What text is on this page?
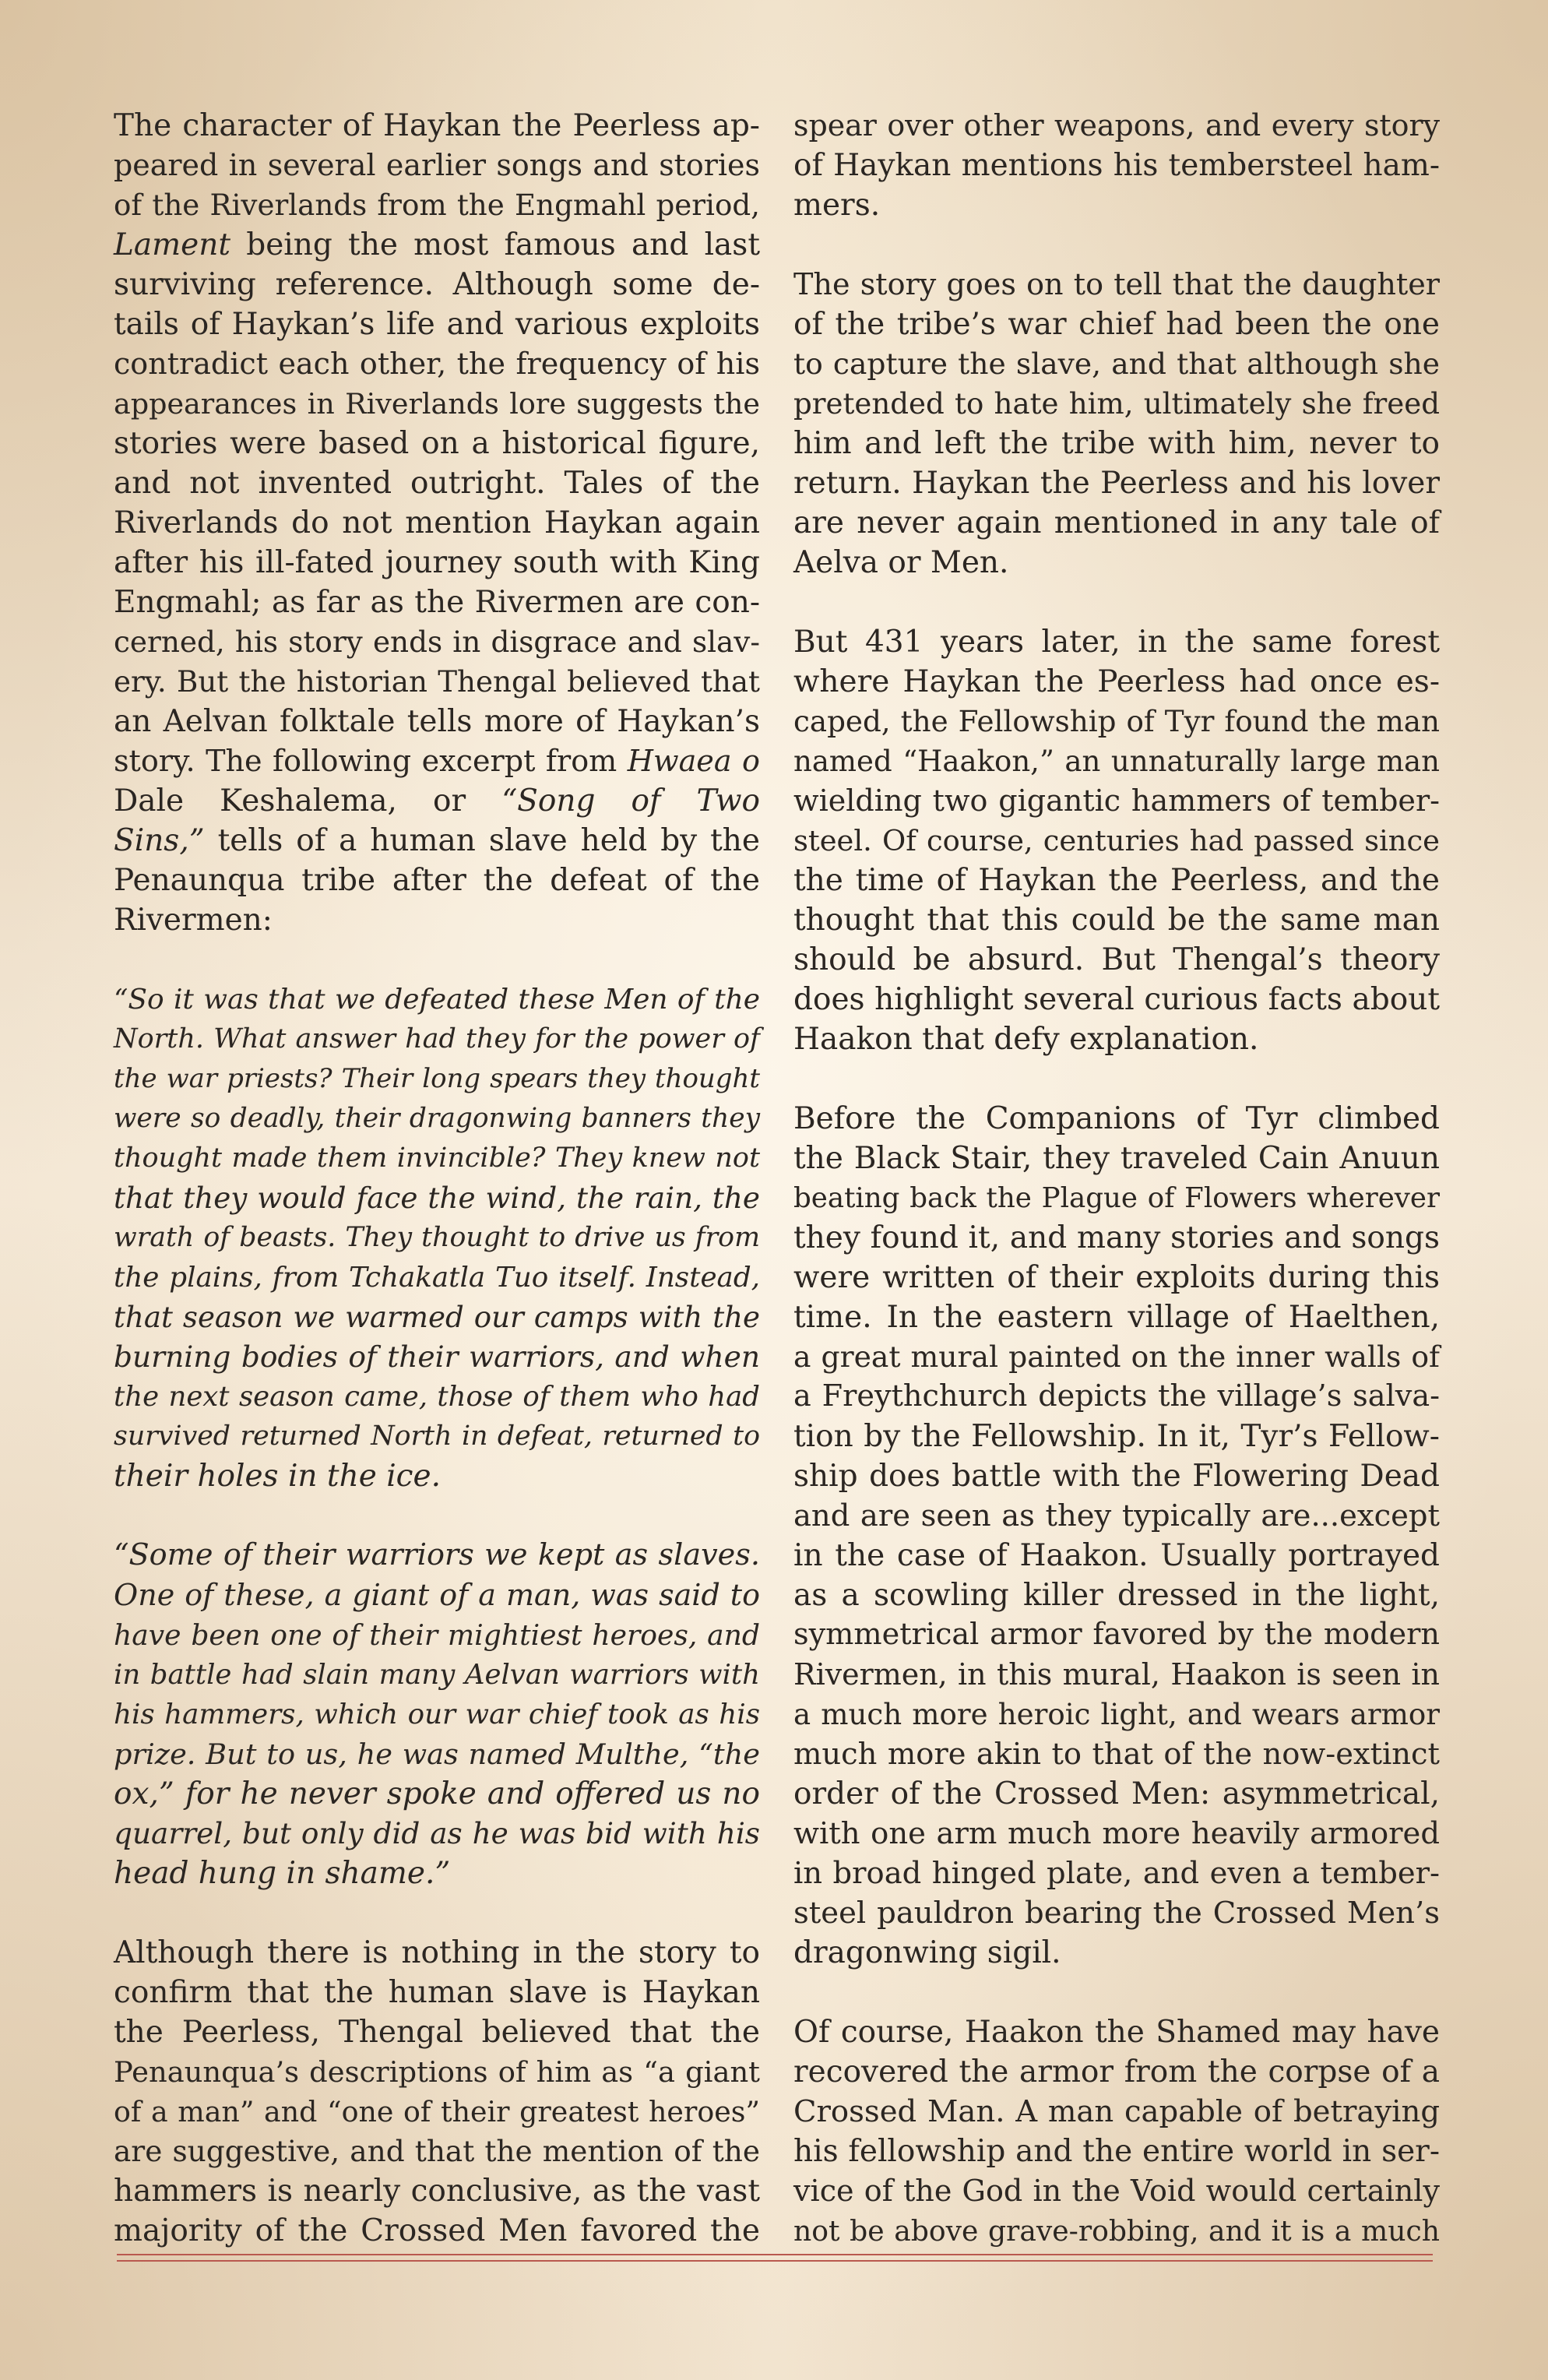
The character of Haykan the Peerless ap-
peared in several earlier songs and stories
of the Riverlands from the Engmahl period,
Lament being the most famous and last
surviving reference. Although some de-
tails of Haykan’s life and various exploits
contradict each other, the frequency of his
appearances in Riverlands lore suggests the
stories were based on a historical figure,
and not invented outright. Tales of the
Riverlands do not mention Haykan again
after his ill-fated journey south with King
Engmahl; as far as the Rivermen are con-
cerned, his story ends in disgrace and slav-
ery. But the historian Thengal believed that
an Aelvan folktale tells more of Haykan’s
story. The following excerpt from Hwaea o
Dale Keshalema, or “Song of Two
Sins,” tells of a human slave held by the
Penaunqua tribe after the defeat of the
Rivermen:
“So it was that we defeated these Men of the
North. What answer had they for the power of
the war priests? Their long spears they thought
were so deadly, their dragonwing banners they
thought made them invincible? They knew not
that they would face the wind, the rain, the
wrath of beasts. They thought to drive us from
the plains, from Tchakatla Tuo itself. Instead,
that season we warmed our camps with the
burning bodies of their warriors, and when
the next season came, those of them who had
survived returned North in defeat, returned to
their holes in the ice.
“Some of their warriors we kept as slaves.
One of these, a giant of a man, was said to
have been one of their mightiest heroes, and
in battle had slain many Aelvan warriors with
his hammers, which our war chief took as his
prize. But to us, he was named Multhe, “the
ox,” for he never spoke and offered us no
quarrel, but only did as he was bid with his
head hung in shame.”
Although there is nothing in the story to
confirm that the human slave is Haykan
the Peerless, Thengal believed that the
Penaunqua’s descriptions of him as “a giant
of a man” and “one of their greatest heroes”
are suggestive, and that the mention of the
hammers is nearly conclusive, as the vast
majority of the Crossed Men favored the
spear over other weapons, and every story
of Haykan mentions his tembersteel ham-
mers.
The story goes on to tell that the daughter
of the tribe’s war chief had been the one
to capture the slave, and that although she
pretended to hate him, ultimately she freed
him and left the tribe with him, never to
return. Haykan the Peerless and his lover
are never again mentioned in any tale of
Aelva or Men.
But 431 years later, in the same forest
where Haykan the Peerless had once es-
caped, the Fellowship of Tyr found the man
named “Haakon,” an unnaturally large man
wielding two gigantic hammers of tember-
steel. Of course, centuries had passed since
the time of Haykan the Peerless, and the
thought that this could be the same man
should be absurd. But Thengal’s theory
does highlight several curious facts about
Haakon that defy explanation.
Before the Companions of Tyr climbed
the Black Stair, they traveled Cain Anuun
beating back the Plague of Flowers wherever
they found it, and many stories and songs
were written of their exploits during this
time. In the eastern village of Haelthen,
a great mural painted on the inner walls of
a Freythchurch depicts the village’s salva-
tion by the Fellowship. In it, Tyr’s Fellow-
ship does battle with the Flowering Dead
and are seen as they typically are...except
in the case of Haakon. Usually portrayed
as a scowling killer dressed in the light,
symmetrical armor favored by the modern
Rivermen, in this mural, Haakon is seen in
a much more heroic light, and wears armor
much more akin to that of the now-extinct
order of the Crossed Men: asymmetrical,
with one arm much more heavily armored
in broad hinged plate, and even a tember-
steel pauldron bearing the Crossed Men’s
dragonwing sigil.
Of course, Haakon the Shamed may have
recovered the armor from the corpse of a
Crossed Man. A man capable of betraying
his fellowship and the entire world in ser-
vice of the God in the Void would certainly
not be above grave-robbing, and it is a much
